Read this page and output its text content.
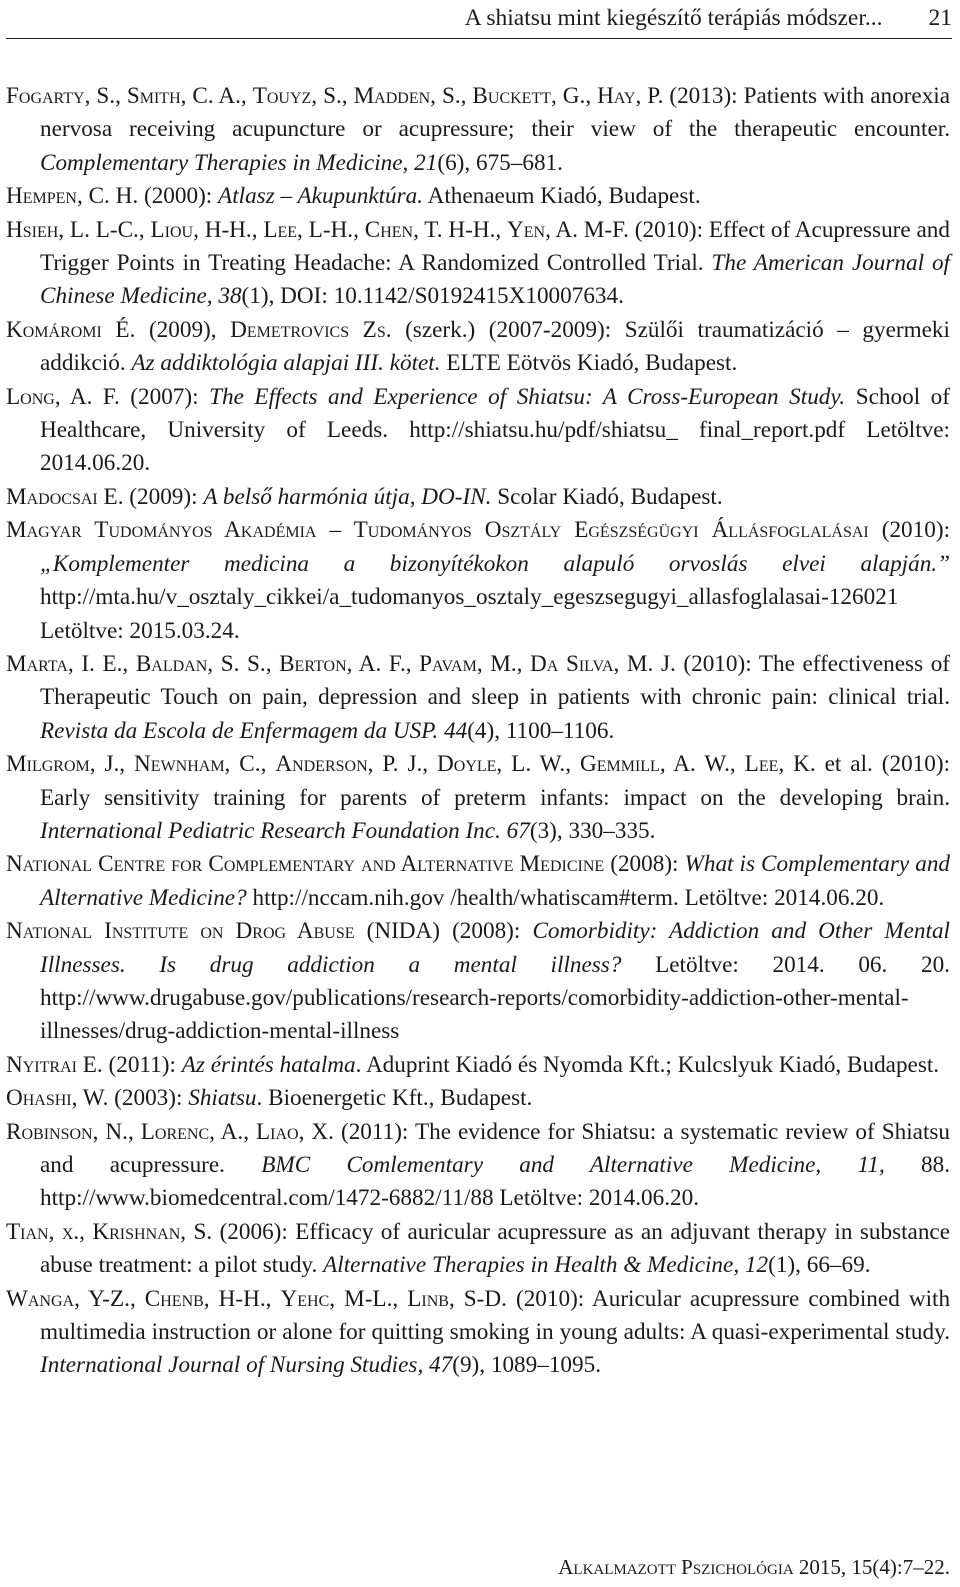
A shiatsu mint kiegészítő terápiás módszer... 21

Fogarty, S., Smith, C. A., Touyz, S., Madden, S., Buckett, G., Hay, P. (2013): Patients with anorexia nervosa receiving acupuncture or acupressure; their view of the therapeutic encounter. Complementary Therapies in Medicine, 21(6), 675–681.

Hempen, C. H. (2000): Atlasz – Akupunktúra. Athenaeum Kiadó, Budapest.

Hsieh, L. L-C., Liou, H-H., Lee, L-H., Chen, T. H-H., Yen, A. M-F. (2010): Effect of Acupressure and Trigger Points in Treating Headache: A Randomized Controlled Trial. The American Journal of Chinese Medicine, 38(1), DOI: 10.1142/S0192415X10007634.

Komáromi É. (2009), Demetrovics Zs. (szerk.) (2007-2009): Szülői traumatizáció – gyermeki addikció. Az addiktológia alapjai III. kötet. ELTE Eötvös Kiadó, Budapest.

Long, A. F. (2007): The Effects and Experience of Shiatsu: A Cross-European Study. School of Healthcare, University of Leeds. http://shiatsu.hu/pdf/shiatsu_ final_report.pdf Letöltve: 2014.06.20.

Madocsai E. (2009): A belső harmónia útja, DO-IN. Scolar Kiadó, Budapest.

Magyar Tudományos Akadémia – Tudományos Osztály Egészségügyi Állásfoglalásai (2010): „Komplementer medicina a bizonyítékokon alapuló orvoslás elvei alapján.” http://mta.hu/v_osztaly_cikkei/a_tudomanyos_osztaly_egeszsegugyi_allasfoglalasai-126021 Letöltve: 2015.03.24.

Marta, I. E., Baldan, S. S., Berton, A. F., Pavam, M., Da Silva, M. J. (2010): The effectiveness of Therapeutic Touch on pain, depression and sleep in patients with chronic pain: clinical trial. Revista da Escola de Enfermagem da USP. 44(4), 1100–1106.

Milgrom, J., Newnham, C., Anderson, P. J., Doyle, L. W., Gemmill, A. W., Lee, K. et al. (2010): Early sensitivity training for parents of preterm infants: impact on the developing brain. International Pediatric Research Foundation Inc. 67(3), 330–335.

National Centre for Complementary and Alternative Medicine (2008): What is Complementary and Alternative Medicine? http://nccam.nih.gov /health/whatiscam#term. Letöltve: 2014.06.20.

National Institute on Drog Abuse (NIDA) (2008): Comorbidity: Addiction and Other Mental Illnesses. Is drug addiction a mental illness? Letöltve: 2014. 06. 20. http://www.drugabuse.gov/publications/research-reports/comorbidity-addiction-other-mental-illnesses/drug-addiction-mental-illness

Nyitrai E. (2011): Az érintés hatalma. Aduprint Kiadó és Nyomda Kft.; Kulcslyuk Kiadó, Budapest.

Ohashi, W. (2003): Shiatsu. Bioenergetic Kft., Budapest.

Robinson, N., Lorenc, A., Liao, X. (2011): The evidence for Shiatsu: a systematic review of Shiatsu and acupressure. BMC Comlementary and Alternative Medicine, 11, 88. http://www.biomedcentral.com/1472-6882/11/88 Letöltve: 2014.06.20.

Tian, x., Krishnan, S. (2006): Efficacy of auricular acupressure as an adjuvant therapy in substance abuse treatment: a pilot study. Alternative Therapies in Health & Medicine, 12(1), 66–69.

Wanga, Y-Z., Chenb, H-H., Yehc, M-L., Linb, S-D. (2010): Auricular acupressure combined with multimedia instruction or alone for quitting smoking in young adults: A quasi-experimental study. International Journal of Nursing Studies, 47(9), 1089–1095.

Alkalmazott Pszichológia 2015, 15(4):7–22.
